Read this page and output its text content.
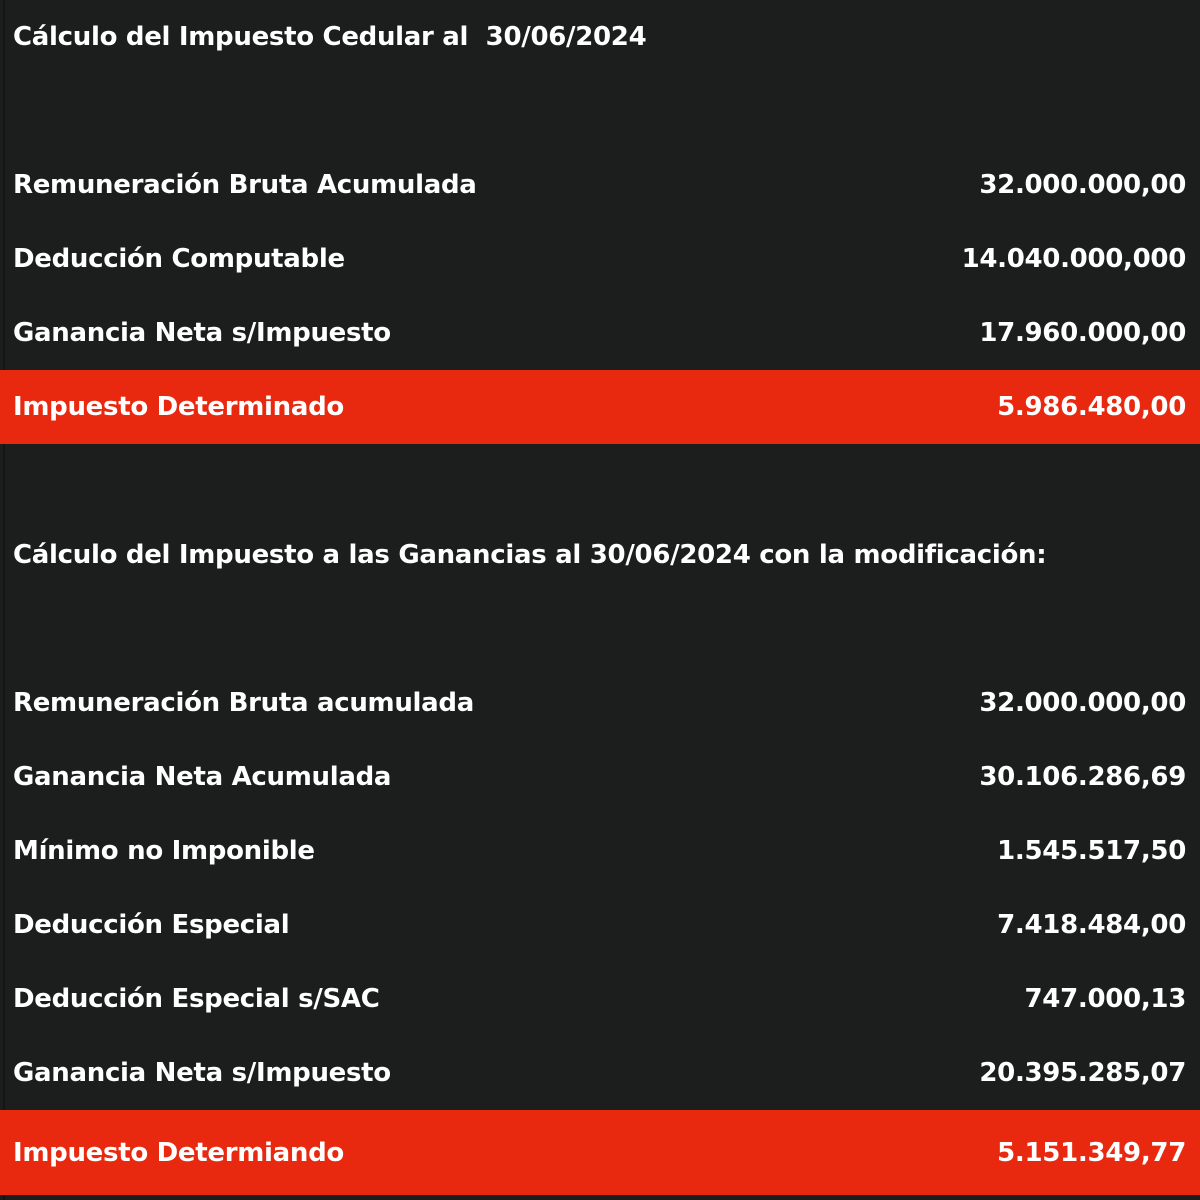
Cálculo del Impuesto Cedular al  30/06/2024
Remuneración Bruta Acumulada	32.000.000,00
Deducción Computable	14.040.000,000
Ganancia Neta s/Impuesto	17.960.000,00
Impuesto Determinado	5.986.480,00
Cálculo del Impuesto a las Ganancias al 30/06/2024 con la modificación:
Remuneración Bruta acumulada	32.000.000,00
Ganancia Neta Acumulada	30.106.286,69
Mínimo no Imponible	1.545.517,50
Deducción Especial	7.418.484,00
Deducción Especial s/SAC	747.000,13
Ganancia Neta s/Impuesto	20.395.285,07
Impuesto Determiando	5.151.349,77
